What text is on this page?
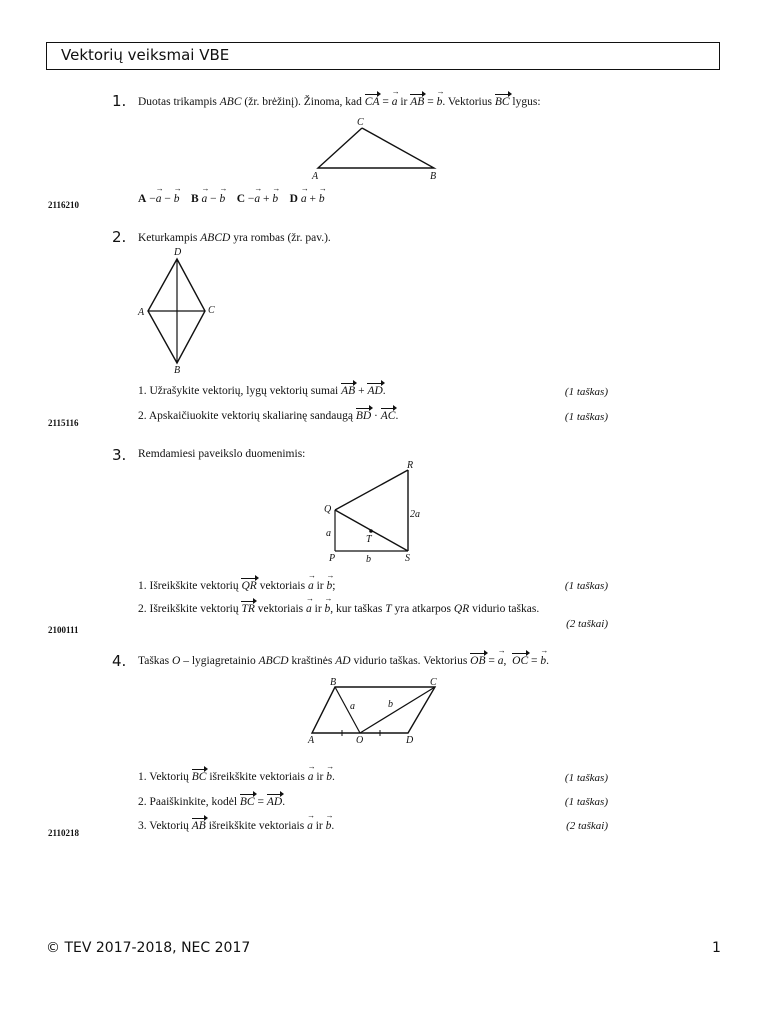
Vektorių veiksmai VBE
1. Duotas trikampis ABC (žr. brėžinį). Žinoma, kad CA = a → ir AB = b →. Vektorius BC lygus:
C
A	B
2116210	A −a → − b → B a → − b → C −a → + b → D a → + b →
2. Keturkampis ABCD yra rombas (žr. pav.).
D
A	C
B
1. Užrašykite vektorių, lygų vektorių sumai AB + AD.	(1 taškas)
2. Apskaičiuokite vektorių skaliarinę sandaugą BD · AC.	(1 taškas)
2115116
3. Remdamiesi paveikslo duomenimis:
R
Q
T
P	S
a
b
2a
1. Išreikškite vektorių QR vektoriais a → ir b →;	(1 taškas)
2. Išreikškite vektorių TR vektoriais a → ir b →, kur taškas T yra atkarpos QR vidurio taškas.
(2 taškai)
2100111
4. Taškas O – lygiagretainio ABCD kraštinės AD vidurio taškas. Vektorius OB = a →,  OC = b →.
B	C
A	O	D
a	b
1. Vektorių BC išreikškite vektoriais a → ir b →.	(1 taškas)
2. Paaiškinkite, kodėl BC = AD.	(1 taškas)
3. Vektorių AB išreikškite vektoriais a → ir b →.	(2 taškai)
2110218
© TEV 2017-2018, NEC 2017	1
